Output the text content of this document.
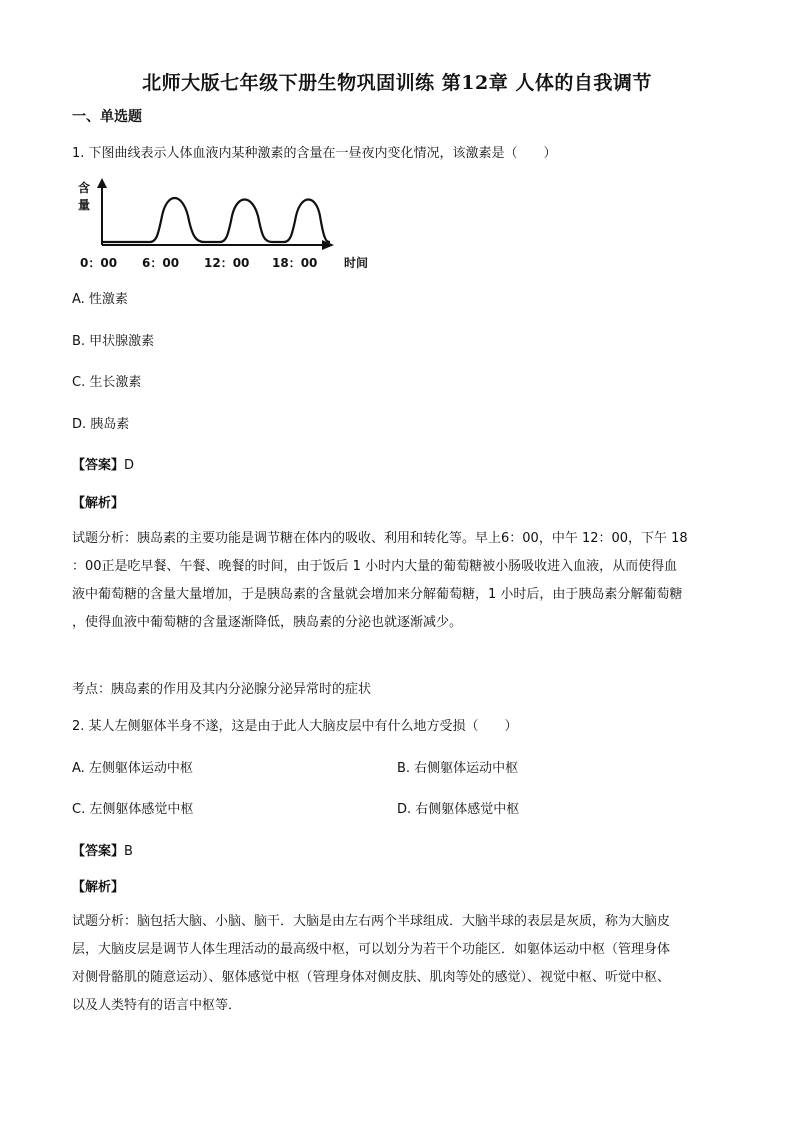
北师大版七年级下册生物巩固训练 第12章 人体的自我调节
一、单选题
1. 下图曲线表示人体血液内某种激素的含量在一昼夜内变化情况，该激素是（　　）
含
量
0：00 6：00 12：00 18：00 时间
A. 性激素
B. 甲状腺激素
C. 生长激素
D. 胰岛素
【答案】D
【解析】
试题分析：胰岛素的主要功能是调节糖在体内的吸收、利用和转化等。早上6：00，中午 12：00，下午 18
：00正是吃早餐、午餐、晚餐的时间，由于饭后 1 小时内大量的葡萄糖被小肠吸收进入血液，从而使得血
液中葡萄糖的含量大量增加，于是胰岛素的含量就会增加来分解葡萄糖，1 小时后，由于胰岛素分解葡萄糖
，使得血液中葡萄糖的含量逐渐降低，胰岛素的分泌也就逐渐减少。
考点：胰岛素的作用及其内分泌腺分泌异常时的症状
2. 某人左侧躯体半身不遂，这是由于此人大脑皮层中有什么地方受损（　　）
A. 左侧躯体运动中枢	B. 右侧躯体运动中枢
C. 左侧躯体感觉中枢	D. 右侧躯体感觉中枢
【答案】B
【解析】
试题分析：脑包括大脑、小脑、脑干．大脑是由左右两个半球组成．大脑半球的表层是灰质，称为大脑皮
层，大脑皮层是调节人体生理活动的最高级中枢，可以划分为若干个功能区．如躯体运动中枢（管理身体
对侧骨骼肌的随意运动）、躯体感觉中枢（管理身体对侧皮肤、肌肉等处的感觉）、视觉中枢、听觉中枢、
以及人类特有的语言中枢等．
